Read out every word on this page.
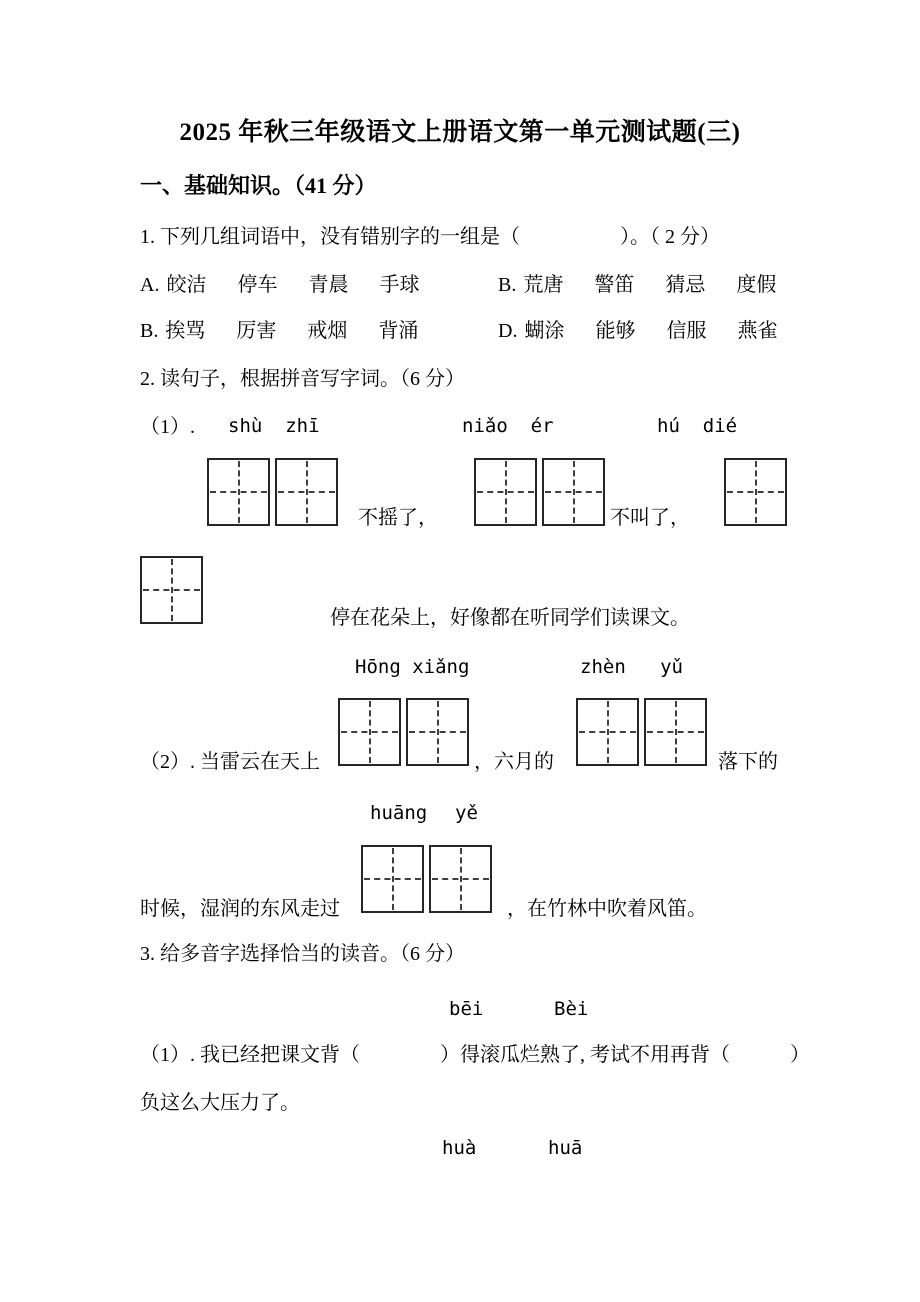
2025 年秋三年级语文上册语文第一单元测试题(三)
一、基础知识。（41 分）
1. 下列几组词语中，没有错别字的一组是（　　　　　）。（ 2 分）
A. 皎洁 停车 青晨 手球	B. 荒唐 警笛 猜忌 度假
B. 挨骂 厉害 戒烟 背涌	D. 蝴涂 能够 信服 燕雀
2. 读句子，根据拼音写字词。（6 分）
（1）. shù  zhī	niǎo  ér	hú  dié
不摇了，	不叫了，
停在花朵上，好像都在听同学们读课文。
Hōng xiǎng	zhèn   yǔ
（2）. 当雷云在天上	，六月的	落下的
huāng yě
时候，湿润的东风走过	，在竹林中吹着风笛。
3. 给多音字选择恰当的读音。（6 分）
bēi	Bèi
（1）. 我已经把课文背（　　　　）得滚瓜烂熟了, 考试不用再背（　　　）
负这么大压力了。
huà	huā
